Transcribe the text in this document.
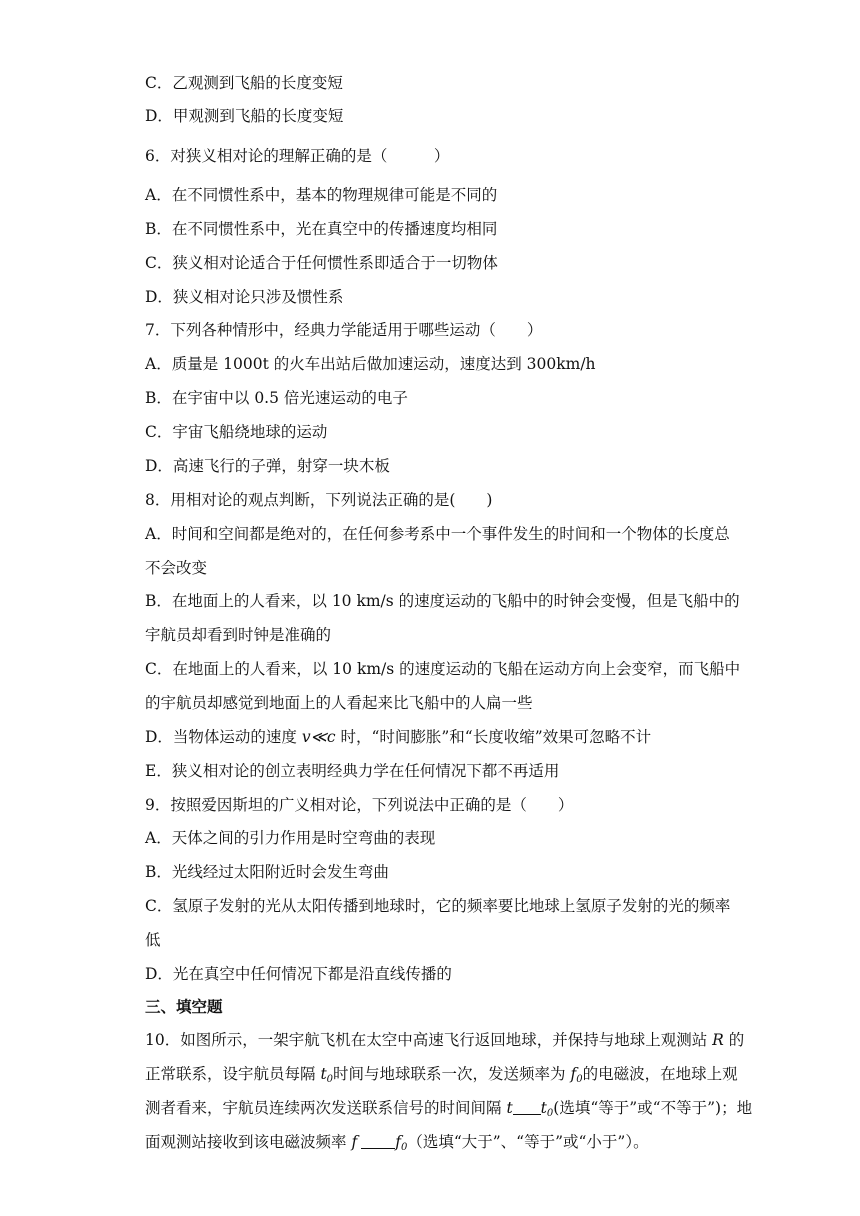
C．乙观测到飞船的长度变短
D．甲观测到飞船的长度变短
6．对狭义相对论的理解正确的是（　　　）
A．在不同惯性系中，基本的物理规律可能是不同的
B．在不同惯性系中，光在真空中的传播速度均相同
C．狭义相对论适合于任何惯性系即适合于一切物体
D．狭义相对论只涉及惯性系
7．下列各种情形中，经典力学能适用于哪些运动（　　）
A．质量是 1000t 的火车出站后做加速运动，速度达到 300km/h
B．在宇宙中以 0.5 倍光速运动的电子
C．宇宙飞船绕地球的运动
D．高速飞行的子弹，射穿一块木板
8．用相对论的观点判断，下列说法正确的是(　　)
A．时间和空间都是绝对的，在任何参考系中一个事件发生的时间和一个物体的长度总
不会改变
B．在地面上的人看来，以 10 km/s 的速度运动的飞船中的时钟会变慢，但是飞船中的
宇航员却看到时钟是准确的
C．在地面上的人看来，以 10 km/s 的速度运动的飞船在运动方向上会变窄，而飞船中
的宇航员却感觉到地面上的人看起来比飞船中的人扁一些
D．当物体运动的速度 v≪c 时，“时间膨胀”和“长度收缩”效果可忽略不计
E．狭义相对论的创立表明经典力学在任何情况下都不再适用
9．按照爱因斯坦的广义相对论，下列说法中正确的是（　　）
A．天体之间的引力作用是时空弯曲的表现
B．光线经过太阳附近时会发生弯曲
C．氢原子发射的光从太阳传播到地球时，它的频率要比地球上氢原子发射的光的频率
低
D．光在真空中任何情况下都是沿直线传播的
三、填空题
10．如图所示，一架宇航飞机在太空中高速飞行返回地球，并保持与地球上观测站 R 的
正常联系，设宇航员每隔 $t_0$时间与地球联系一次，发送频率为 $f_0$的电磁波，在地球上观
测者看来，宇航员连续两次发送联系信号的时间间隔 t $t_0$(选填“等于”或“不等于”)；地
面观测站接收到该电磁波频率 f $f_0$（选填“大于”、“等于”或“小于”）。
